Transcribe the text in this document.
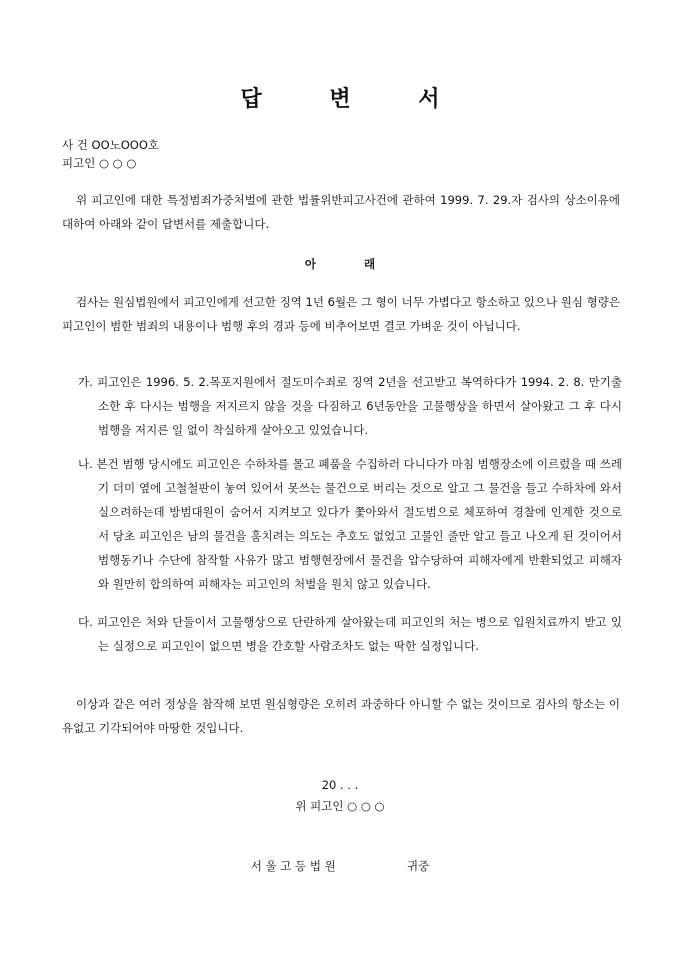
답 변 서
사 건 OO노OOO호
피고인 ○ ○ ○
위 피고인에 대한 특정범죄가중처벌에 관한 법률위반피고사건에 관하여 1999. 7. 29.자 검사의 상소이유에 대하여 아래와 같이 답변서를 제출합니다.
아	래
검사는 원심법원에서 피고인에게 선고한 징역 1년 6월은 그 형이 너무 가볍다고 항소하고 있으나 원심 형량은 피고인이 범한 범죄의 내용이나 범행 후의 경과 등에 비추어보면 결코 가벼운 것이 아닙니다.
가. 피고인은 1996. 5. 2.목포지원에서 절도미수죄로 징역 2년을 선고받고 복역하다가 1994. 2. 8. 만기출소한 후 다시는 범행을 저지르지 않을 것을 다짐하고 6년동안을 고물행상을 하면서 살아왔고 그 후 다시 범행을 저지른 일 없이 착실하게 살아오고 있었습니다.
나. 본건 범행 당시에도 피고인은 수하차를 몰고 폐품을 수집하러 다니다가 마침 범행장소에 이르렀을 때 쓰레기 더미 옆에 고철철판이 놓여 있어서 못쓰는 물건으로 버리는 것으로 알고 그 물건을 들고 수하차에 와서 실으려하는데 방범대원이 숨어서 지켜보고 있다가 쫓아와서 절도범으로 체포하여 경찰에 인계한 것으로서 당초 피고인은 남의 물건을 훔치려는 의도는 추호도 없었고 고물인 줄만 알고 들고 나오게 된 것이어서 범행동기나 수단에 참작할 사유가 많고 범행현장에서 물건을 압수당하여 피해자에게 반환되었고 피해자와 원만히 합의하여 피해자는 피고인의 처벌을 원치 않고 있습니다.
다. 피고인은 처와 단둘이서 고물행상으로 단란하게 살아왔는데 피고인의 처는 병으로 입원치료까지 받고 있는 실정으로 피고인이 없으면 병을 간호할 사람조차도 없는 딱한 실정입니다.
이상과 같은 여러 정상을 참작해 보면 원심형량은 오히려 과중하다 아니할 수 없는 것이므로 검사의 항소는 이유없고 기각되어야 마땅한 것입니다.
20 . . .
위 피고인 ○ ○ ○
서 울 고 등 법 원	귀중
